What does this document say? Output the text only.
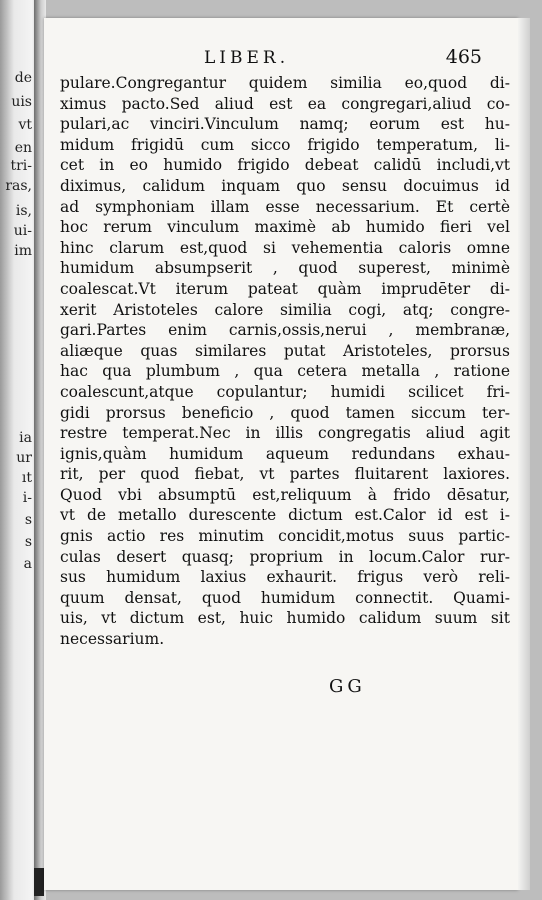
de
uis
vt
en
tri-
ras,
is,
ui-
im
ia
ur
ıt
i-
s
s
a
LIBER.	465
pulare.Congregantur quidem similia eo,quod di-
ximus pacto.Sed aliud est ea congregari,aliud co-
pulari,ac vinciri.Vinculum namq; eorum est hu-
midum frigidū cum sicco frigido temperatum, li-
cet in eo humido frigido debeat calidū includi,vt
diximus, calidum inquam quo sensu docuimus id
ad symphoniam illam esse necessarium. Et certè
hoc rerum vinculum maximè ab humido fieri vel
hinc clarum est,quod si vehementia caloris omne
humidum absumpserit , quod superest, minimè
coalescat.Vt iterum pateat quàm imprudēter di-
xerit Aristoteles calore similia cogi, atq; congre-
gari.Partes enim carnis,ossis,nerui , membranæ,
aliæque quas similares putat Aristoteles, prorsus
hac qua plumbum , qua cetera metalla , ratione
coalescunt,atque copulantur; humidi scilicet fri-
gidi prorsus beneficio , quod tamen siccum ter-
restre temperat.Nec in illis congregatis aliud agit
ignis,quàm humidum aqueum redundans exhau-
rit, per quod fiebat, vt partes fluitarent laxiores.
Quod vbi absumptū est,reliquum à frido dēsatur,
vt de metallo durescente dictum est.Calor id est i-
gnis actio res minutim concidit,motus suus partic-
culas desert quasq; proprium in locum.Calor rur-
sus humidum laxius exhaurit. frigus verò reli-
quum densat, quod humidum connectit. Quami-
uis, vt dictum est, huic humido calidum suum sit
necessarium.
GG
